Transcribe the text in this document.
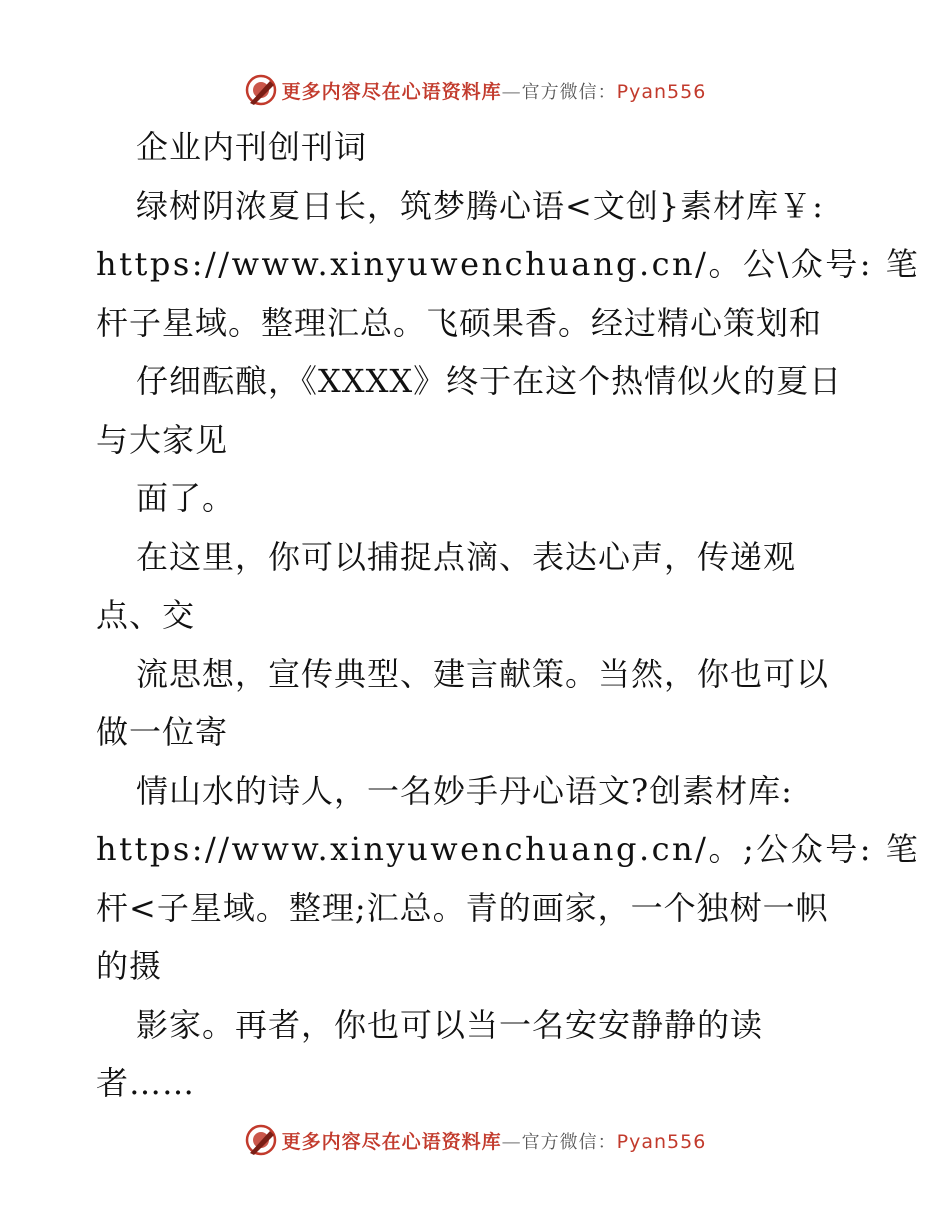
更多内容尽在心语资料库—官方微信：Pyan556
企业内刊创刊词
绿树阴浓夏日长，筑梦腾心语<文创}素材库￥:
https://www.xinyuwenchuang.cn/。公\众号: 笔
杆子星域。整理汇总。飞硕果香。经过精心策划和
仔细酝酿，《XXXX》终于在这个热情似火的夏日
与大家见
面了。
在这里，你可以捕捉点滴、表达心声，传递观
点、交
流思想，宣传典型、建言献策。当然，你也可以
做一位寄
情山水的诗人，一名妙手丹心语文?创素材库:
https://www.xinyuwenchuang.cn/。;公众号: 笔
杆<子星域。整理;汇总。青的画家，一个独树一帜
的摄
影家。再者，你也可以当一名安安静静的读
者……
更多内容尽在心语资料库—官方微信：Pyan556
